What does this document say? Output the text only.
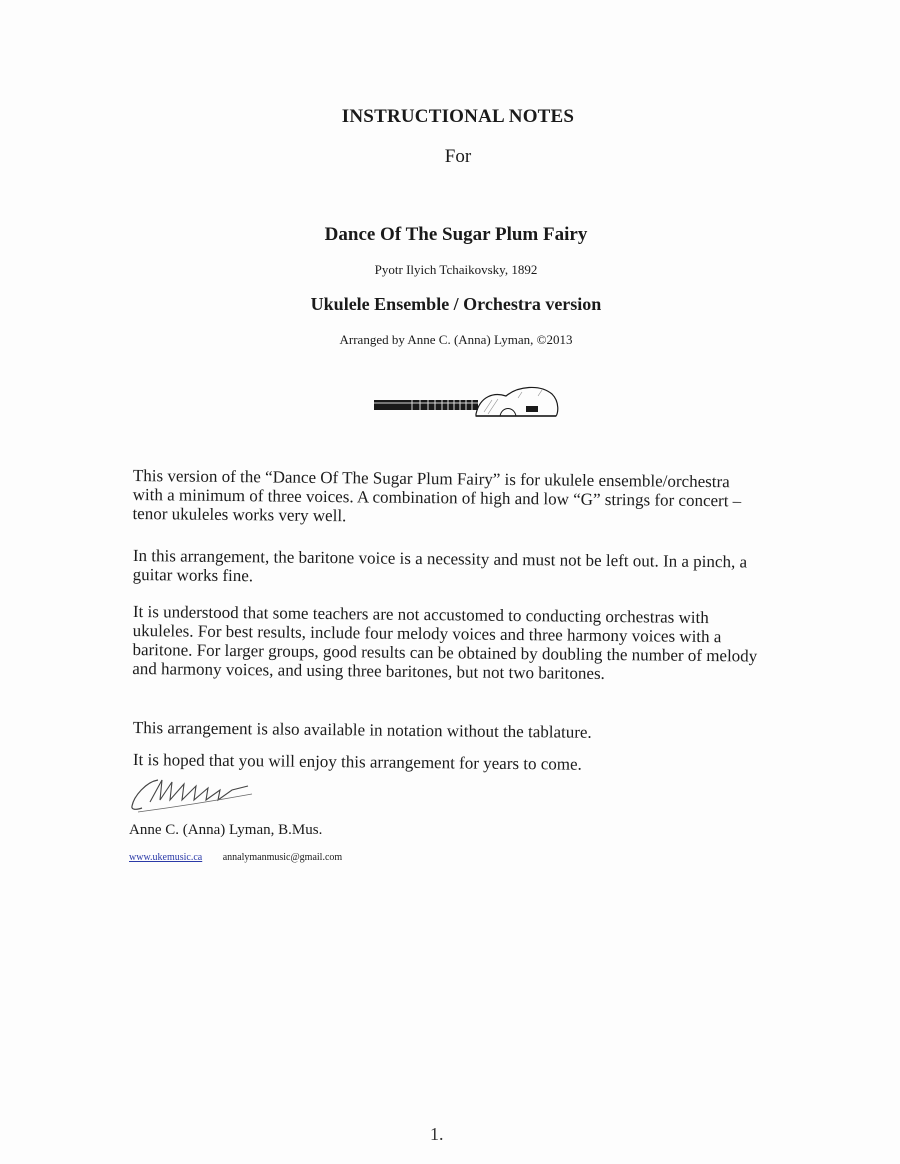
INSTRUCTIONAL NOTES
For
Dance Of The Sugar Plum Fairy
Pyotr Ilyich Tchaikovsky, 1892
Ukulele Ensemble / Orchestra version
Arranged by Anne C. (Anna) Lyman, ©2013
This version of the “Dance Of The Sugar Plum Fairy” is for ukulele ensemble/orchestra with a minimum of three voices. A combination of high and low “G” strings for concert – tenor ukuleles works very well.
In this arrangement, the baritone voice is a necessity and must not be left out. In a pinch, a guitar works fine.
It is understood that some teachers are not accustomed to conducting orchestras with ukuleles. For best results, include four melody voices and three harmony voices with a baritone. For larger groups, good results can be obtained by doubling the number of melody and harmony voices, and using three baritones, but not two baritones.
This arrangement is also available in notation without the tablature.
It is hoped that you will enjoy this arrangement for years to come.
Anne C. (Anna) Lyman, B.Mus.
www.ukemusic.ca annalymanmusic@gmail.com
1.
